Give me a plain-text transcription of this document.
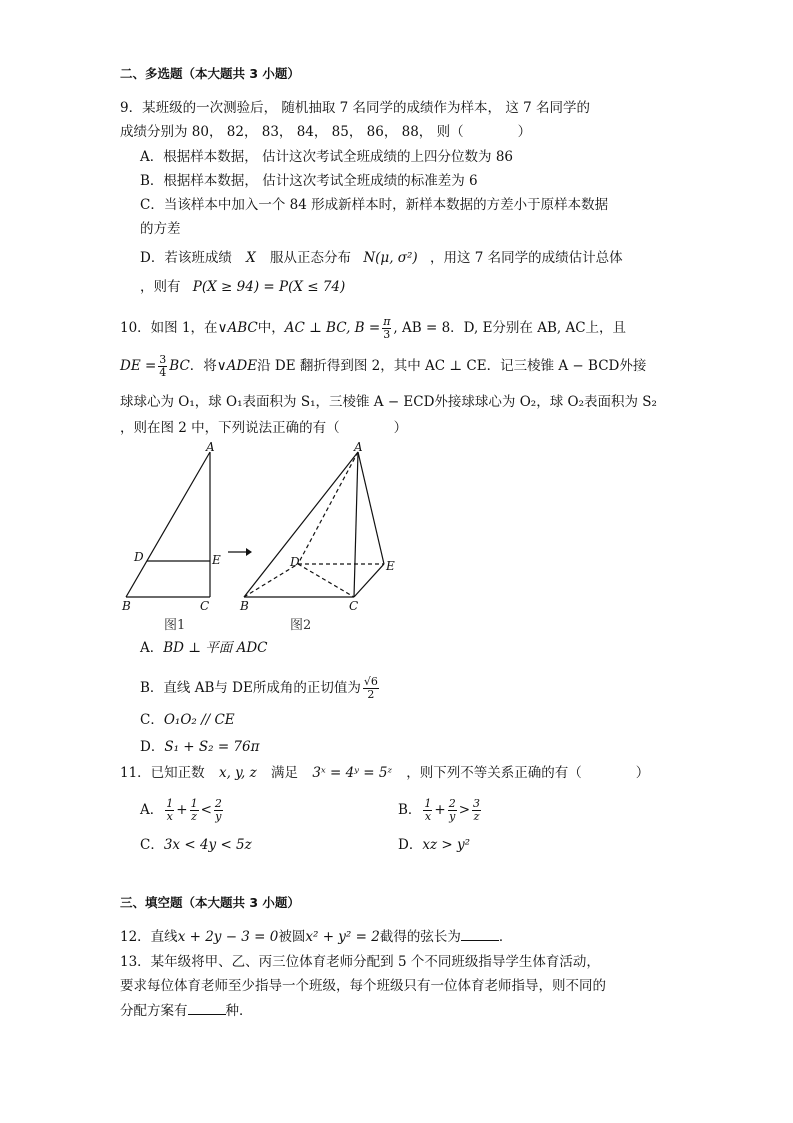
二、多选题（本大题共 3 小题）
9．某班级的一次测验后， 随机抽取 7 名同学的成绩作为样本， 这 7 名同学的
成绩分别为 80， 82， 83， 84， 85， 86， 88， 则（　　　　）
A．根据样本数据， 估计这次考试全班成绩的上四分位数为 86
B．根据样本数据， 估计这次考试全班成绩的标准差为 6
C．当该样本中加入一个 84 形成新样本时，新样本数据的方差小于原样本数据
的方差
D．若该班成绩 X 服从正态分布 N(μ, σ²) ，用这 7 名同学的成绩估计总体
，则有 P(X ≥ 94) = P(X ≤ 74)
10．如图 1，在∨ABC中，AC ⊥ BC, $B = \frac{\pi}{3}$ , AB = 8．D, E分别在 AB, AC上，且
DE = $\frac{3}{4}$ BC．将∨ADE沿 DE 翻折得到图 2，其中 AC ⊥ CE．记三棱锥 A − BCD外接
球球心为 O₁，球 O₁表面积为 S₁，三棱锥 A − ECD外接球球心为 O₂，球 O₂表面积为 S₂
，则在图 2 中，下列说法正确的有（　　　　）
A
D	E
B	C
A
D	E
B	C
图1	图2
A．BD ⊥ 平面 ADC
B．直线 AB与 DE所成角的正切值为 $\frac{√6}{2}$
C．O₁O₂ // CE
D．S₁ + S₂ = 76π
11．已知正数 x, y, z 满足 3ˣ = 4ʸ = 5ᶻ ，则下列不等关系正确的有（　　　　）
A． $\frac{1}{x} + \frac{1}{z} < \frac{2}{y}$	B． $\frac{1}{x} + \frac{2}{y} > \frac{3}{z}$
C．3x < 4y < 5z	D．xz > y²
三、填空题（本大题共 3 小题）
12．直线x + 2y − 3 = 0被圆x² + y² = 2截得的弦长为	．
13．某年级将甲、乙、丙三位体育老师分配到 5 个不同班级指导学生体育活动，
要求每位体育老师至少指导一个班级，每个班级只有一位体育老师指导，则不同的
分配方案有	种．
